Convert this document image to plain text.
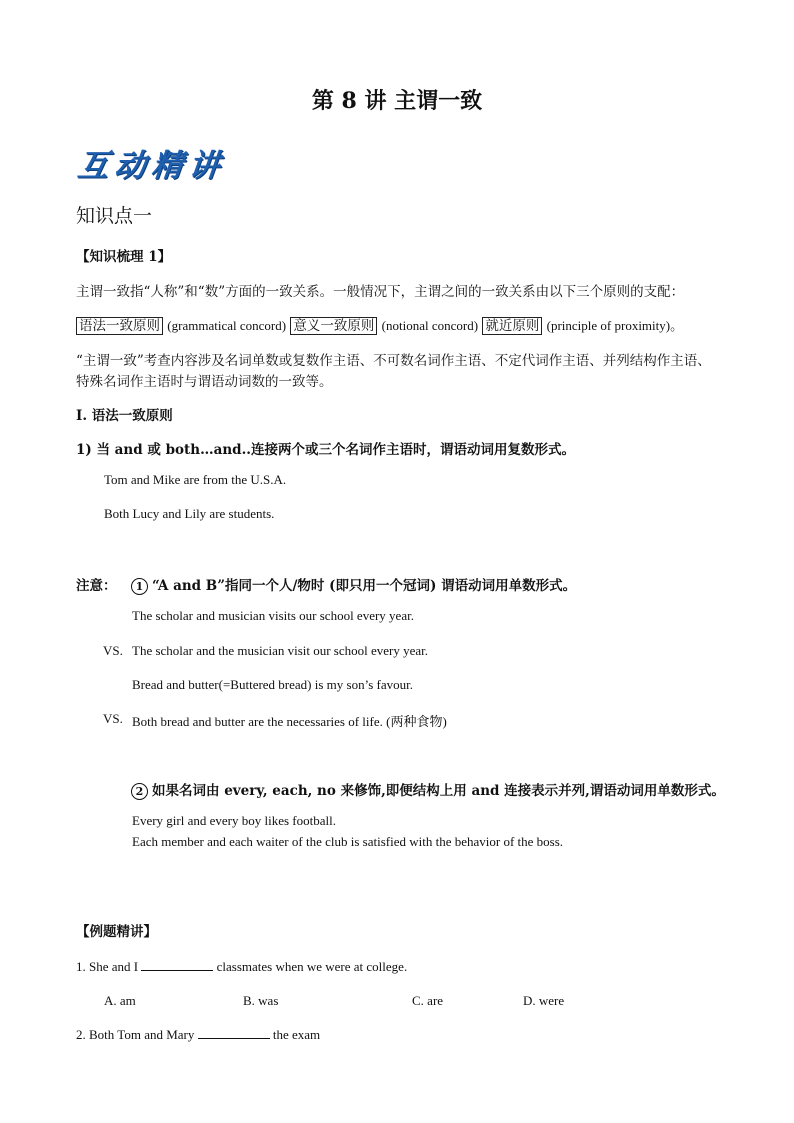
第 8 讲 主谓一致
互动精讲
知识点一
【知识梳理 1】
主谓一致指“人称”和“数”方面的一致关系。一般情况下，主谓之间的一致关系由以下三个原则的支配：
语法一致原则 (grammatical concord) 意义一致原则 (notional concord) 就近原则 (principle of proximity)。
“主谓一致”考查内容涉及名词单数或复数作主语、不可数名词作主语、不定代词作主语、并列结构作主语、
特殊名词作主语时与谓语动词数的一致等。
I. 语法一致原则
1) 当 and 或 both…and..连接两个或三个名词作主语时，谓语动词用复数形式。
Tom and Mike are from the U.S.A.
Both Lucy and Lily are students.
注意：	1 “A and B”指同一个人/物时 (即只用一个冠词) 谓语动词用单数形式。
The scholar and musician visits our school every year.
VS. The scholar and the musician visit our school every year.
Bread and butter(=Buttered bread) is my son’s favour.
VS. Both bread and butter are the necessaries of life. (两种食物)
2 如果名词由 every, each, no 来修饰,即便结构上用 and 连接表示并列,谓语动词用单数形式。
Every girl and every boy likes football.
Each member and each waiter of the club is satisfied with the behavior of the boss.
【例题精讲】
1. She and I	classmates when we were at college.
A. am	B. was	C. are	D. were
2. Both Tom and Mary	the exam
